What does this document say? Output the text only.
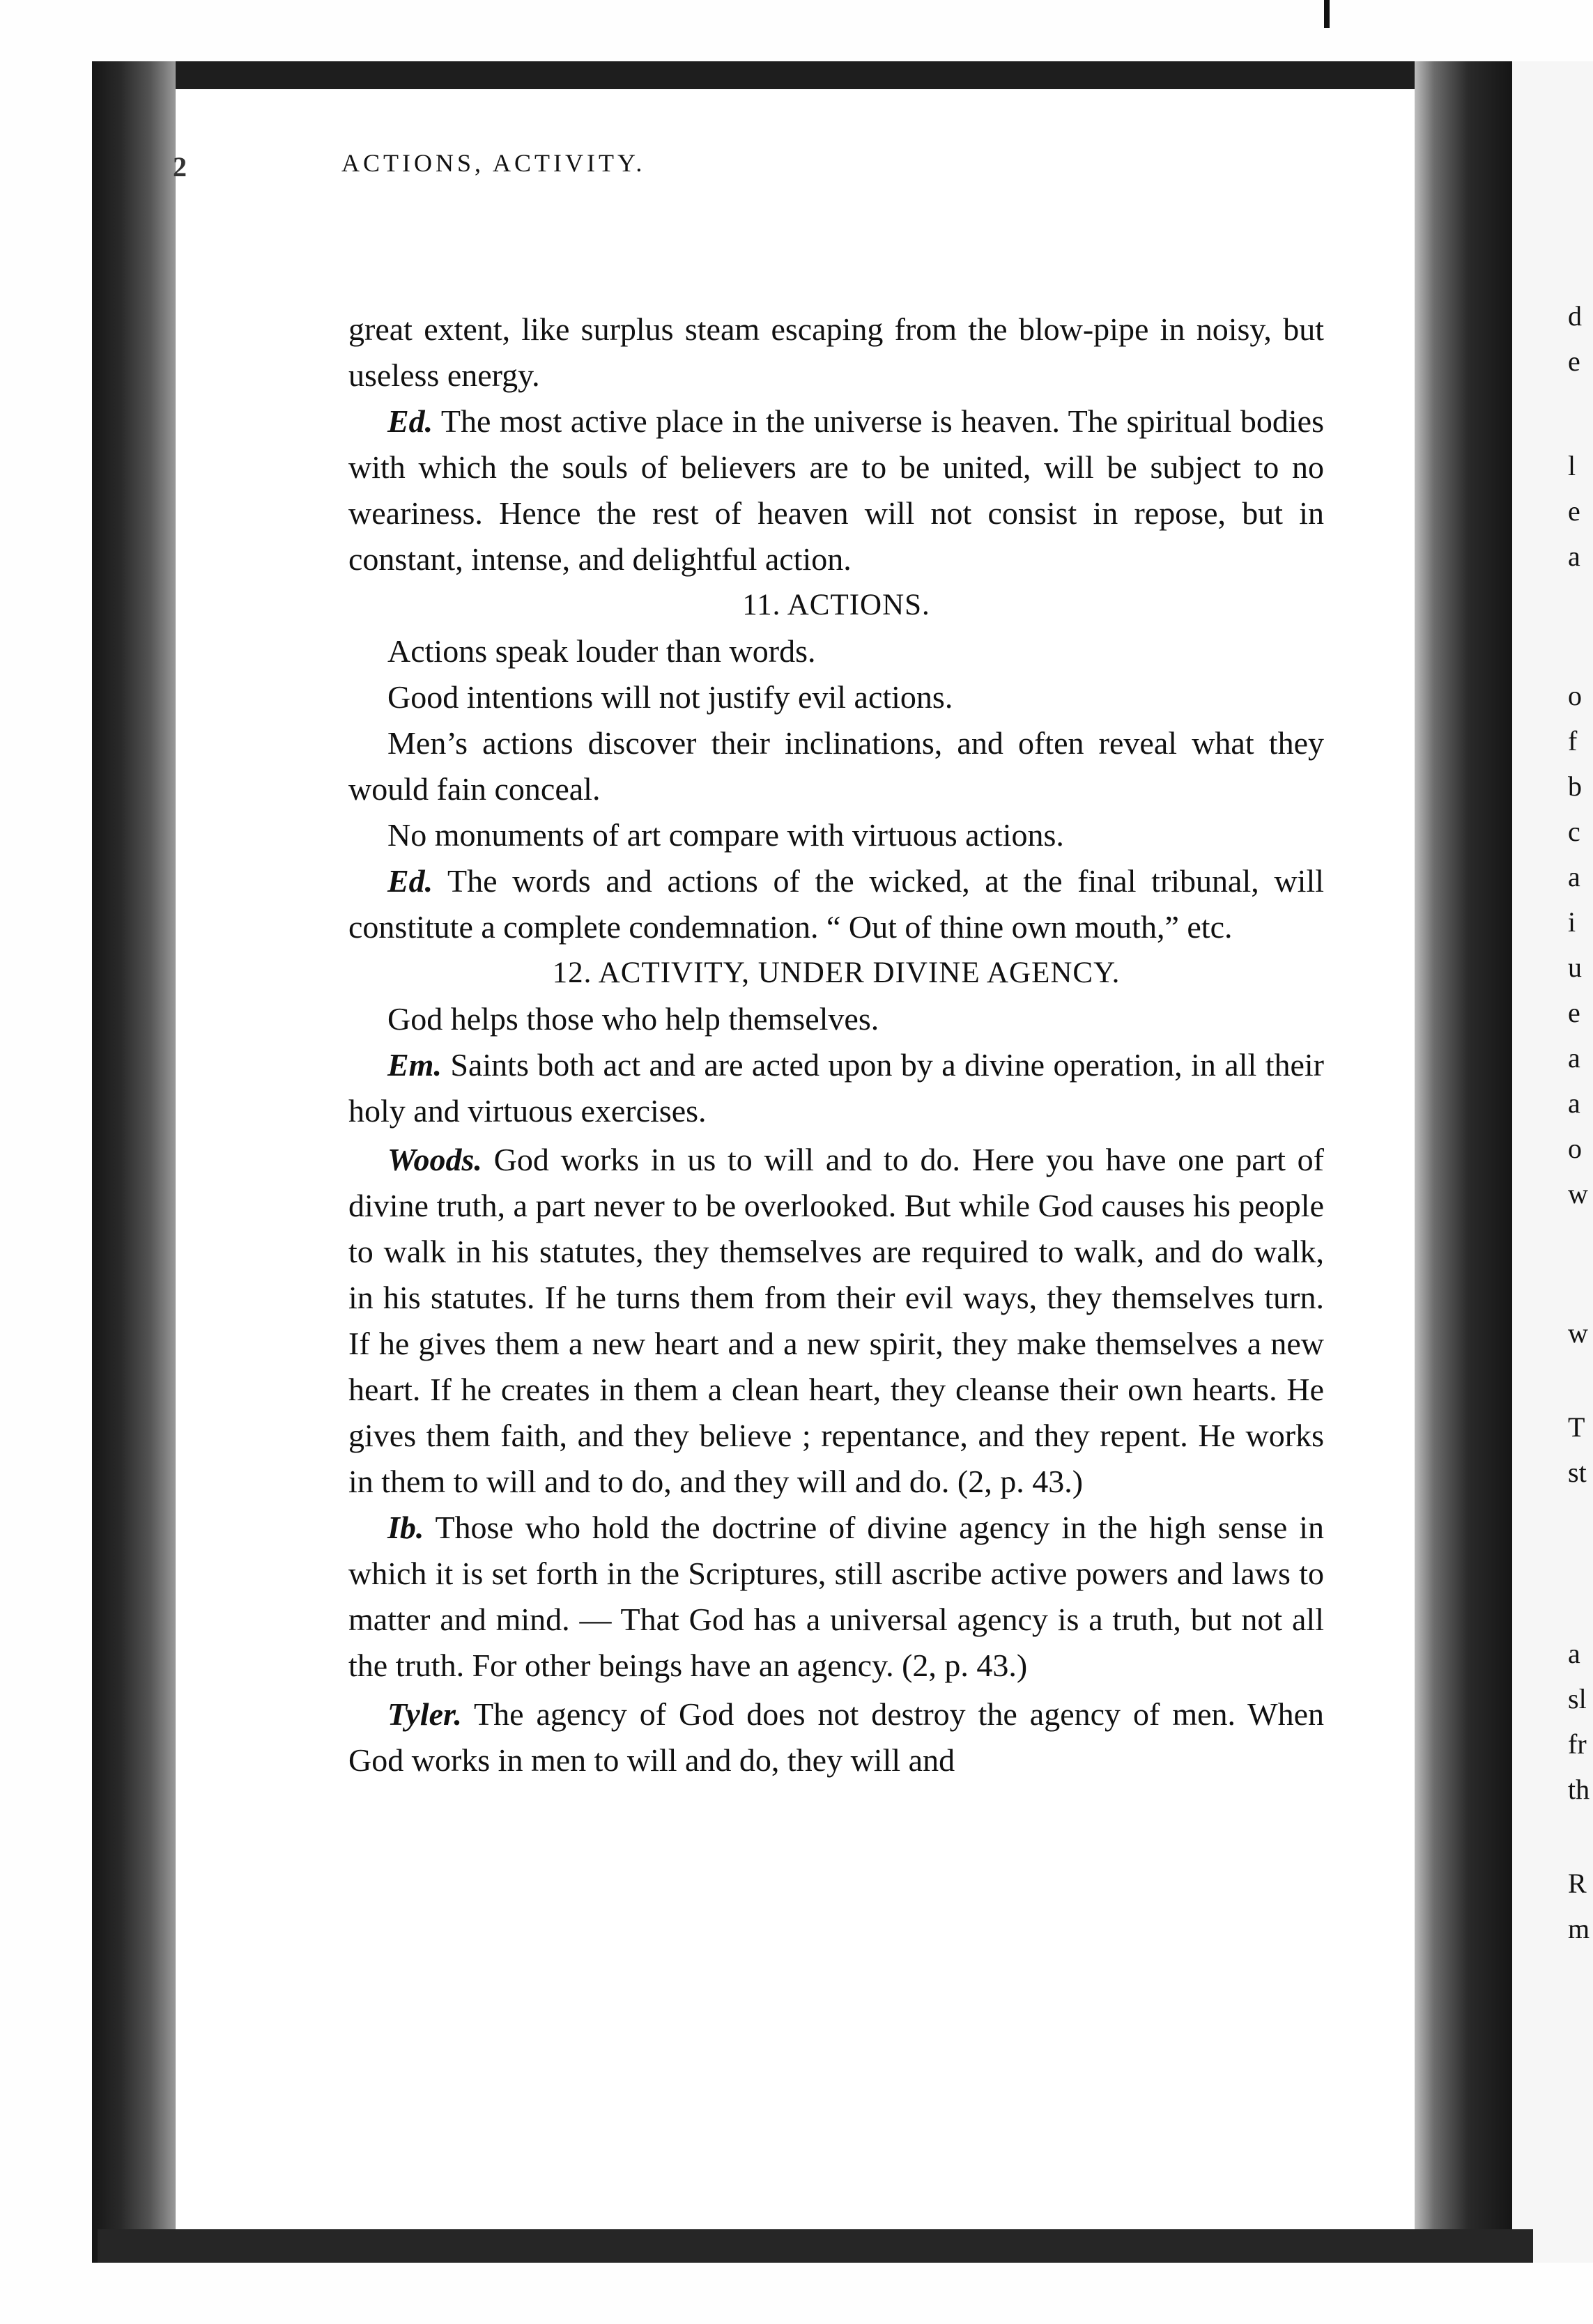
2	ACTIONS, ACTIVITY.

great extent, like surplus steam escaping from the blow-pipe in noisy, but useless energy.

Ed. The most active place in the universe is heaven. The spiritual bodies with which the souls of believers are to be united, will be subject to no weariness. Hence the rest of heaven will not consist in repose, but in constant, intense, and delightful action.

11. ACTIONS.

Actions speak louder than words.

Good intentions will not justify evil actions.

Men’s actions discover their inclinations, and often reveal what they would fain conceal.

No monuments of art compare with virtuous actions.

Ed. The words and actions of the wicked, at the final tribunal, will constitute a complete condemnation. “ Out of thine own mouth,” etc.

12. ACTIVITY, UNDER DIVINE AGENCY.

God helps those who help themselves.

Em. Saints both act and are acted upon by a divine operation, in all their holy and virtuous exercises.

Woods. God works in us to will and to do. Here you have one part of divine truth, a part never to be overlooked. But while God causes his people to walk in his statutes, they themselves are required to walk, and do walk, in his statutes. If he turns them from their evil ways, they themselves turn. If he gives them a new heart and a new spirit, they make themselves a new heart. If he creates in them a clean heart, they cleanse their own hearts. He gives them faith, and they believe ; repentance, and they repent. He works in them to will and to do, and they will and do. (2, p. 43.)

Ib. Those who hold the doctrine of divine agency in the high sense in which it is set forth in the Scriptures, still ascribe active powers and laws to matter and mind. — That God has a universal agency is a truth, but not all the truth. For other beings have an agency. (2, p. 43.)

Tyler. The agency of God does not destroy the agency of men. When God works in men to will and do, they will and

d
e
l
e
a
o
f
b
c
a
i
u
e
a
a
o
w
w
T
st
a
sl
fr
th
R
m
